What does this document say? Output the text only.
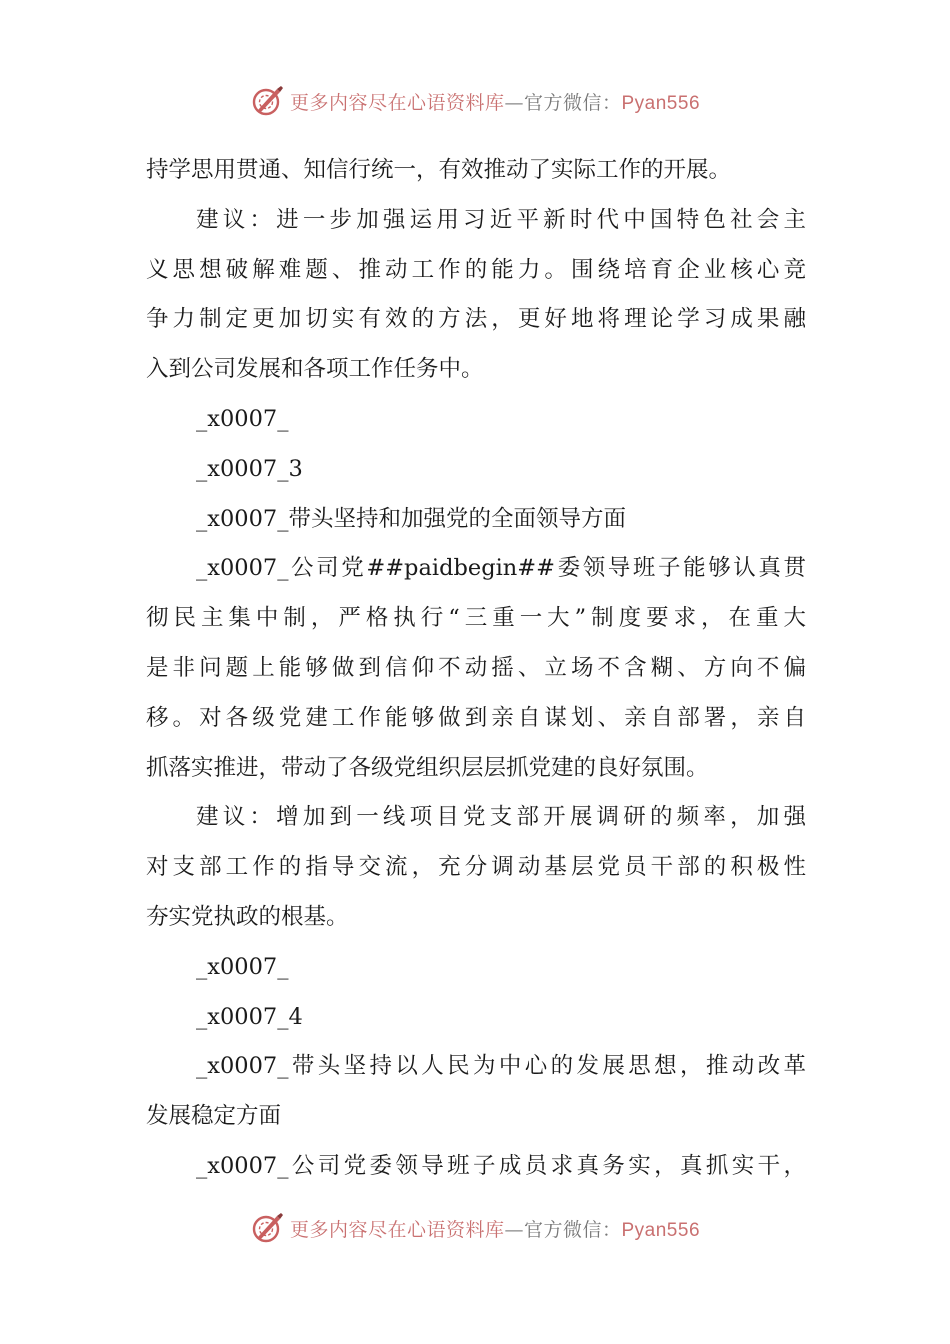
更多内容尽在心语资料库—官方微信：Pyan556
持学思用贯通、知信行统一，有效推动了实际工作的开展。
建议：进一步加强运用习近平新时代中国特色社会主
义思想破解难题、推动工作的能力。围绕培育企业核心竞
争力制定更加切实有效的方法，更好地将理论学习成果融
入到公司发展和各项工作任务中。
_x0007_
_x0007_3
_x0007_带头坚持和加强党的全面领导方面
_x0007_公司党##paidbegin##委领导班子能够认真贯
彻民主集中制，严格执行“三重一大”制度要求，在重大
是非问题上能够做到信仰不动摇、立场不含糊、方向不偏
移。对各级党建工作能够做到亲自谋划、亲自部署，亲自
抓落实推进，带动了各级党组织层层抓党建的良好氛围。
建议：增加到一线项目党支部开展调研的频率，加强
对支部工作的指导交流，充分调动基层党员干部的积极性
夯实党执政的根基。
_x0007_
_x0007_4
_x0007_带头坚持以人民为中心的发展思想，推动改革
发展稳定方面
_x0007_公司党委领导班子成员求真务实，真抓实干，
更多内容尽在心语资料库—官方微信：Pyan556
